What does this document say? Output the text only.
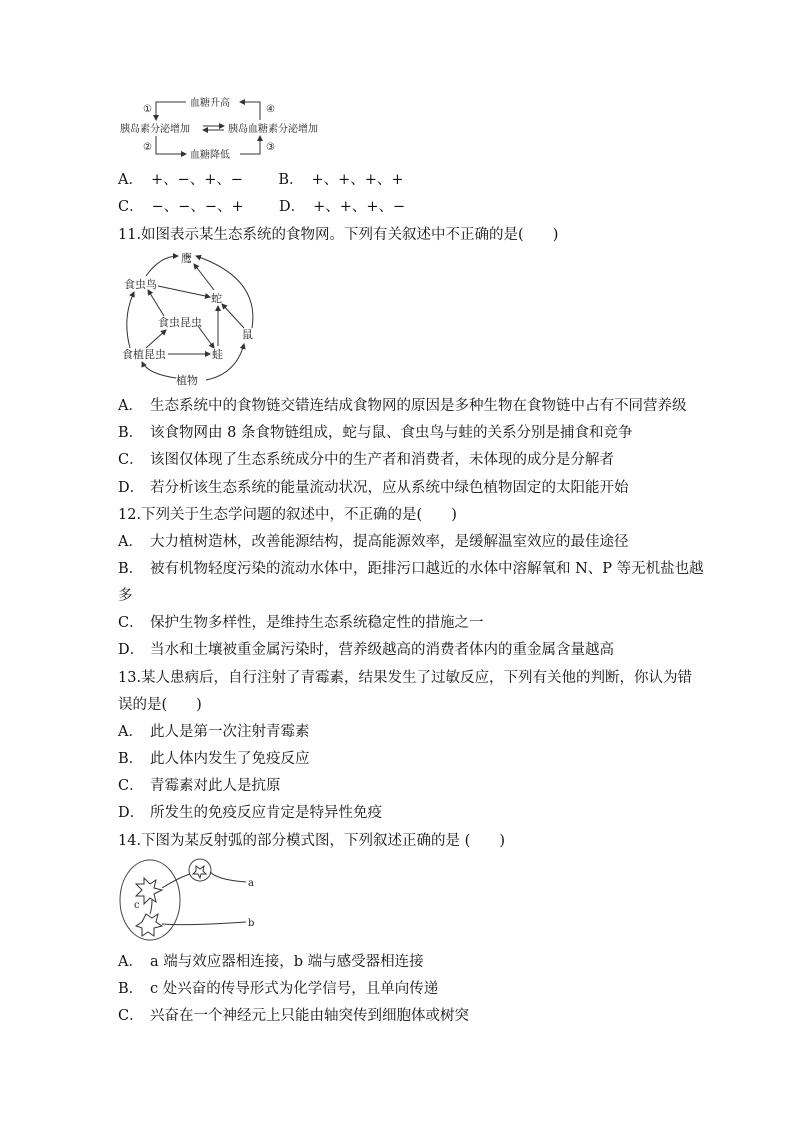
血糖升高
血糖降低
胰岛素分泌增加	胰岛血糖素分泌增加
①
②	③
④
A． +、−、+、− B． +、+、+、+
C． −、−、−、+ D． +、+、+、−
11.如图表示某生态系统的食物网。下列有关叙述中不正确的是(　　)
鹰
食虫鸟
蛇
食虫昆虫
鼠
食植昆虫	蛙
植物
A． 生态系统中的食物链交错连结成食物网的原因是多种生物在食物链中占有不同营养级
B． 该食物网由 8 条食物链组成，蛇与鼠、食虫鸟与蛙的关系分别是捕食和竞争
C． 该图仅体现了生态系统成分中的生产者和消费者，未体现的成分是分解者
D． 若分析该生态系统的能量流动状况，应从系统中绿色植物固定的太阳能开始
12.下列关于生态学问题的叙述中，不正确的是(　　)
A． 大力植树造林，改善能源结构，提高能源效率，是缓解温室效应的最佳途径
B． 被有机物轻度污染的流动水体中，距排污口越近的水体中溶解氧和 N、P 等无机盐也越
多
C． 保护生物多样性，是维持生态系统稳定性的措施之一
D． 当水和土壤被重金属污染时，营养级越高的消费者体内的重金属含量越高
13.某人患病后，自行注射了青霉素，结果发生了过敏反应，下列有关他的判断，你认为错
误的是(　　)
A． 此人是第一次注射青霉素
B． 此人体内发生了免疫反应
C． 青霉素对此人是抗原
D． 所发生的免疫反应肯定是特异性免疫
14.下图为某反射弧的部分模式图，下列叙述正确的是 (　　)
a
b
c
A． a 端与效应器相连接，b 端与感受器相连接
B． c 处兴奋的传导形式为化学信号，且单向传递
C． 兴奋在一个神经元上只能由轴突传到细胞体或树突
